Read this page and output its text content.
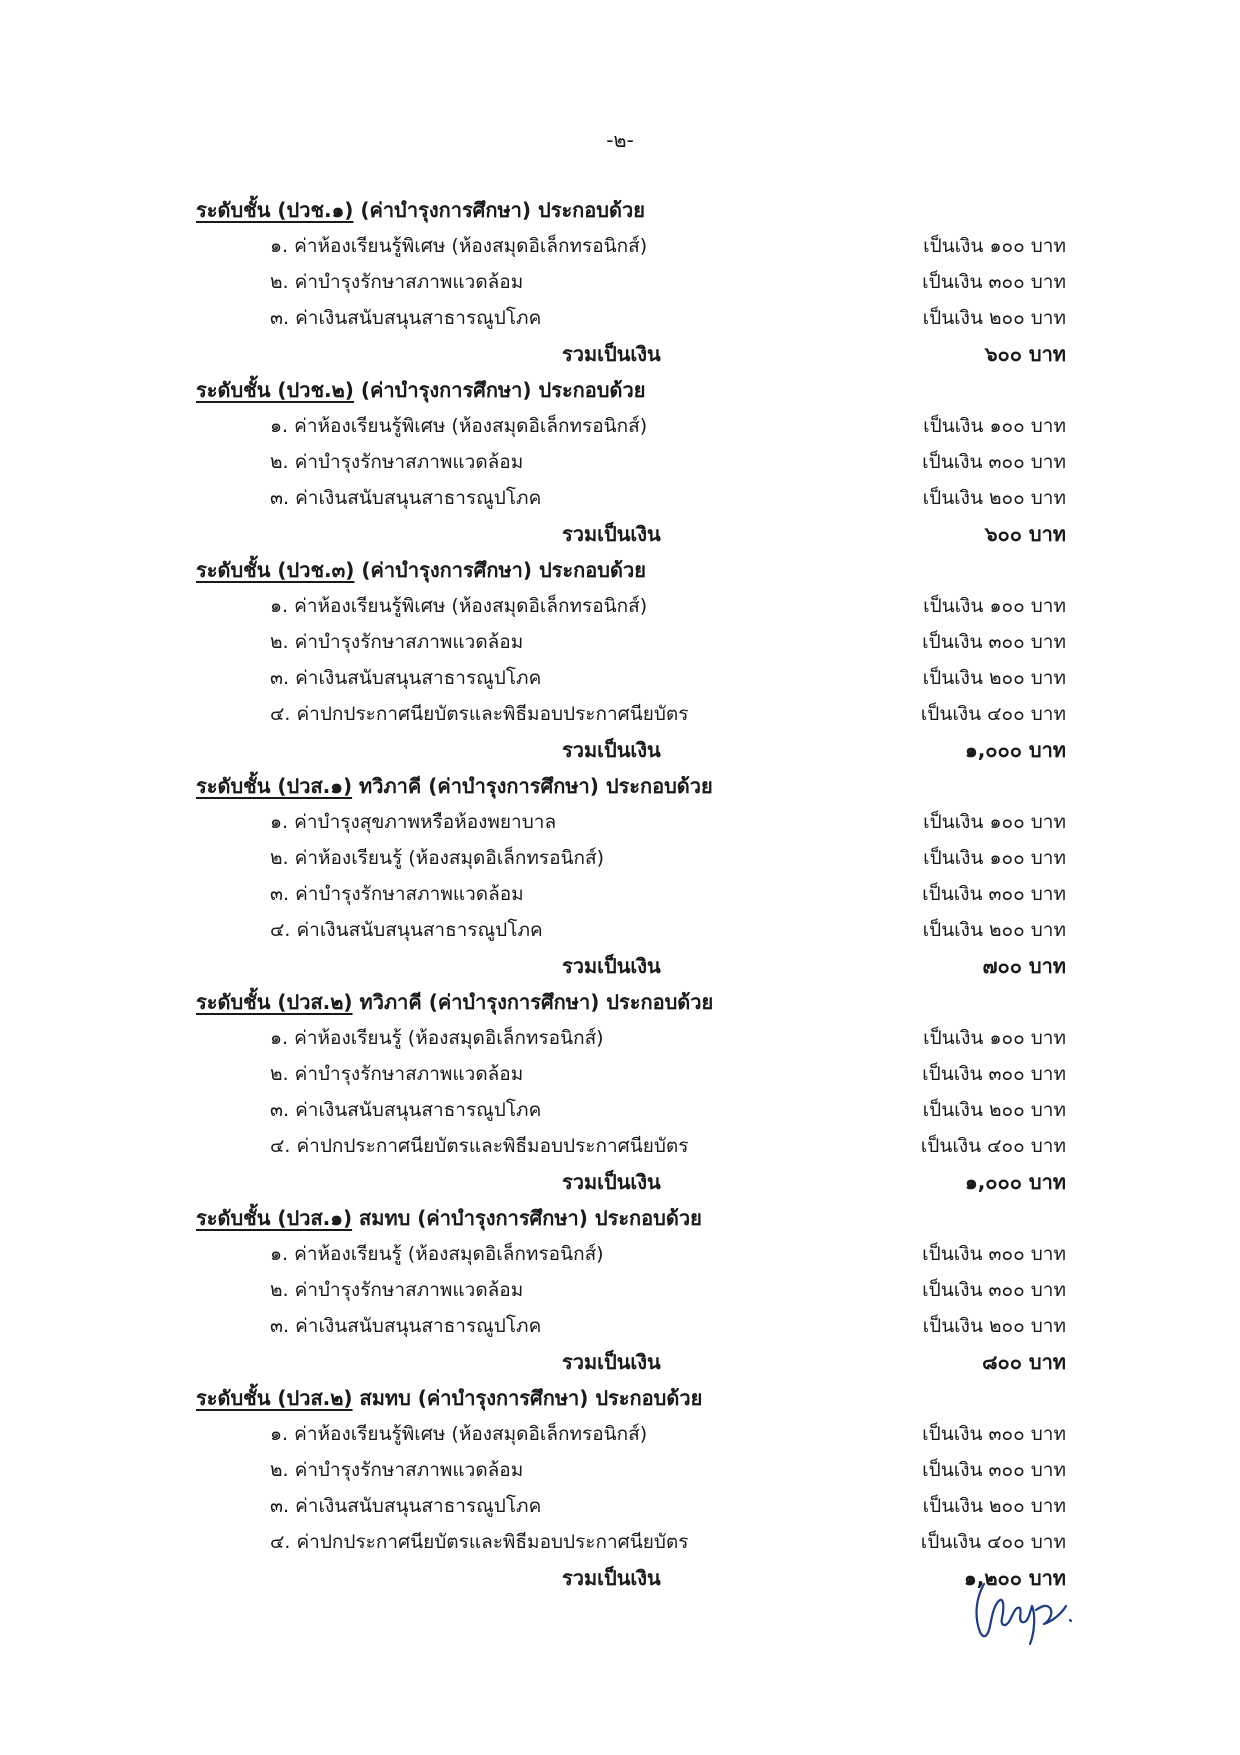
-๒-
ระดับชั้น (ปวช.๑) (ค่าบำรุงการศึกษา) ประกอบด้วย
๑. ค่าห้องเรียนรู้พิเศษ (ห้องสมุดอิเล็กทรอนิกส์)	เป็นเงิน ๑๐๐ บาท
๒. ค่าบำรุงรักษาสภาพแวดล้อม	เป็นเงิน ๓๐๐ บาท
๓. ค่าเงินสนับสนุนสาธารณูปโภค	เป็นเงิน ๒๐๐ บาท
รวมเป็นเงิน	๖๐๐ บาท
ระดับชั้น (ปวช.๒) (ค่าบำรุงการศึกษา) ประกอบด้วย
๑. ค่าห้องเรียนรู้พิเศษ (ห้องสมุดอิเล็กทรอนิกส์)	เป็นเงิน ๑๐๐ บาท
๒. ค่าบำรุงรักษาสภาพแวดล้อม	เป็นเงิน ๓๐๐ บาท
๓. ค่าเงินสนับสนุนสาธารณูปโภค	เป็นเงิน ๒๐๐ บาท
รวมเป็นเงิน	๖๐๐ บาท
ระดับชั้น (ปวช.๓) (ค่าบำรุงการศึกษา) ประกอบด้วย
๑. ค่าห้องเรียนรู้พิเศษ (ห้องสมุดอิเล็กทรอนิกส์)	เป็นเงิน ๑๐๐ บาท
๒. ค่าบำรุงรักษาสภาพแวดล้อม	เป็นเงิน ๓๐๐ บาท
๓. ค่าเงินสนับสนุนสาธารณูปโภค	เป็นเงิน ๒๐๐ บาท
๔. ค่าปกประกาศนียบัตรและพิธีมอบประกาศนียบัตร	เป็นเงิน ๔๐๐ บาท
รวมเป็นเงิน	๑,๐๐๐ บาท
ระดับชั้น (ปวส.๑) ทวิภาคี (ค่าบำรุงการศึกษา) ประกอบด้วย
๑. ค่าบำรุงสุขภาพหรือห้องพยาบาล	เป็นเงิน ๑๐๐ บาท
๒. ค่าห้องเรียนรู้ (ห้องสมุดอิเล็กทรอนิกส์)	เป็นเงิน ๑๐๐ บาท
๓. ค่าบำรุงรักษาสภาพแวดล้อม	เป็นเงิน ๓๐๐ บาท
๔. ค่าเงินสนับสนุนสาธารณูปโภค	เป็นเงิน ๒๐๐ บาท
รวมเป็นเงิน	๗๐๐ บาท
ระดับชั้น (ปวส.๒) ทวิภาคี (ค่าบำรุงการศึกษา) ประกอบด้วย
๑. ค่าห้องเรียนรู้ (ห้องสมุดอิเล็กทรอนิกส์)	เป็นเงิน ๑๐๐ บาท
๒. ค่าบำรุงรักษาสภาพแวดล้อม	เป็นเงิน ๓๐๐ บาท
๓. ค่าเงินสนับสนุนสาธารณูปโภค	เป็นเงิน ๒๐๐ บาท
๔. ค่าปกประกาศนียบัตรและพิธีมอบประกาศนียบัตร	เป็นเงิน ๔๐๐ บาท
รวมเป็นเงิน	๑,๐๐๐ บาท
ระดับชั้น (ปวส.๑) สมทบ (ค่าบำรุงการศึกษา) ประกอบด้วย
๑. ค่าห้องเรียนรู้ (ห้องสมุดอิเล็กทรอนิกส์)	เป็นเงิน ๓๐๐ บาท
๒. ค่าบำรุงรักษาสภาพแวดล้อม	เป็นเงิน ๓๐๐ บาท
๓. ค่าเงินสนับสนุนสาธารณูปโภค	เป็นเงิน ๒๐๐ บาท
รวมเป็นเงิน	๘๐๐ บาท
ระดับชั้น (ปวส.๒) สมทบ (ค่าบำรุงการศึกษา) ประกอบด้วย
๑. ค่าห้องเรียนรู้พิเศษ (ห้องสมุดอิเล็กทรอนิกส์)	เป็นเงิน ๓๐๐ บาท
๒. ค่าบำรุงรักษาสภาพแวดล้อม	เป็นเงิน ๓๐๐ บาท
๓. ค่าเงินสนับสนุนสาธารณูปโภค	เป็นเงิน ๒๐๐ บาท
๔. ค่าปกประกาศนียบัตรและพิธีมอบประกาศนียบัตร	เป็นเงิน ๔๐๐ บาท
รวมเป็นเงิน	๑,๒๐๐ บาท
